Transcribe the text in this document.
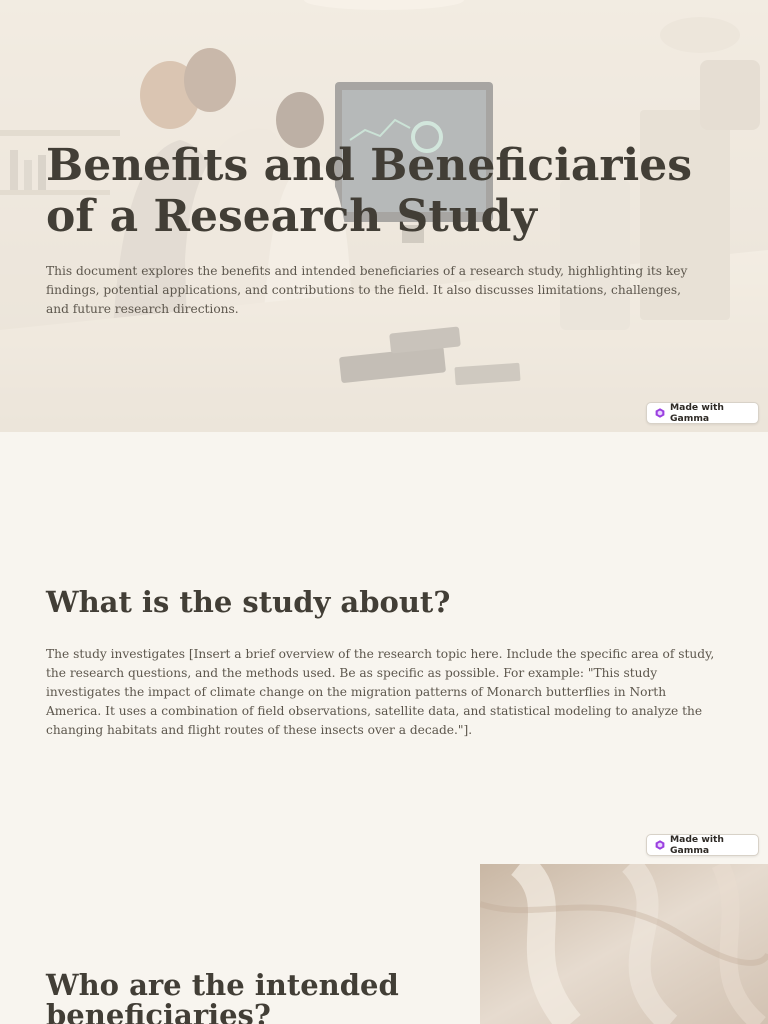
Benefits and Beneficiaries of a Research Study

This document explores the benefits and intended beneficiaries of a research study, highlighting its key findings, potential applications, and contributions to the field. It also discusses limitations, challenges, and future research directions.

Made with Gamma
What is the study about?

The study investigates [Insert a brief overview of the research topic here. Include the specific area of study, the research questions, and the methods used. Be as specific as possible. For example: "This study investigates the impact of climate change on the migration patterns of Monarch butterflies in North America. It uses a combination of field observations, satellite data, and statistical modeling to analyze the changing habitats and flight routes of these insects over a decade."].

Made with Gamma
Who are the intended beneficiaries?
